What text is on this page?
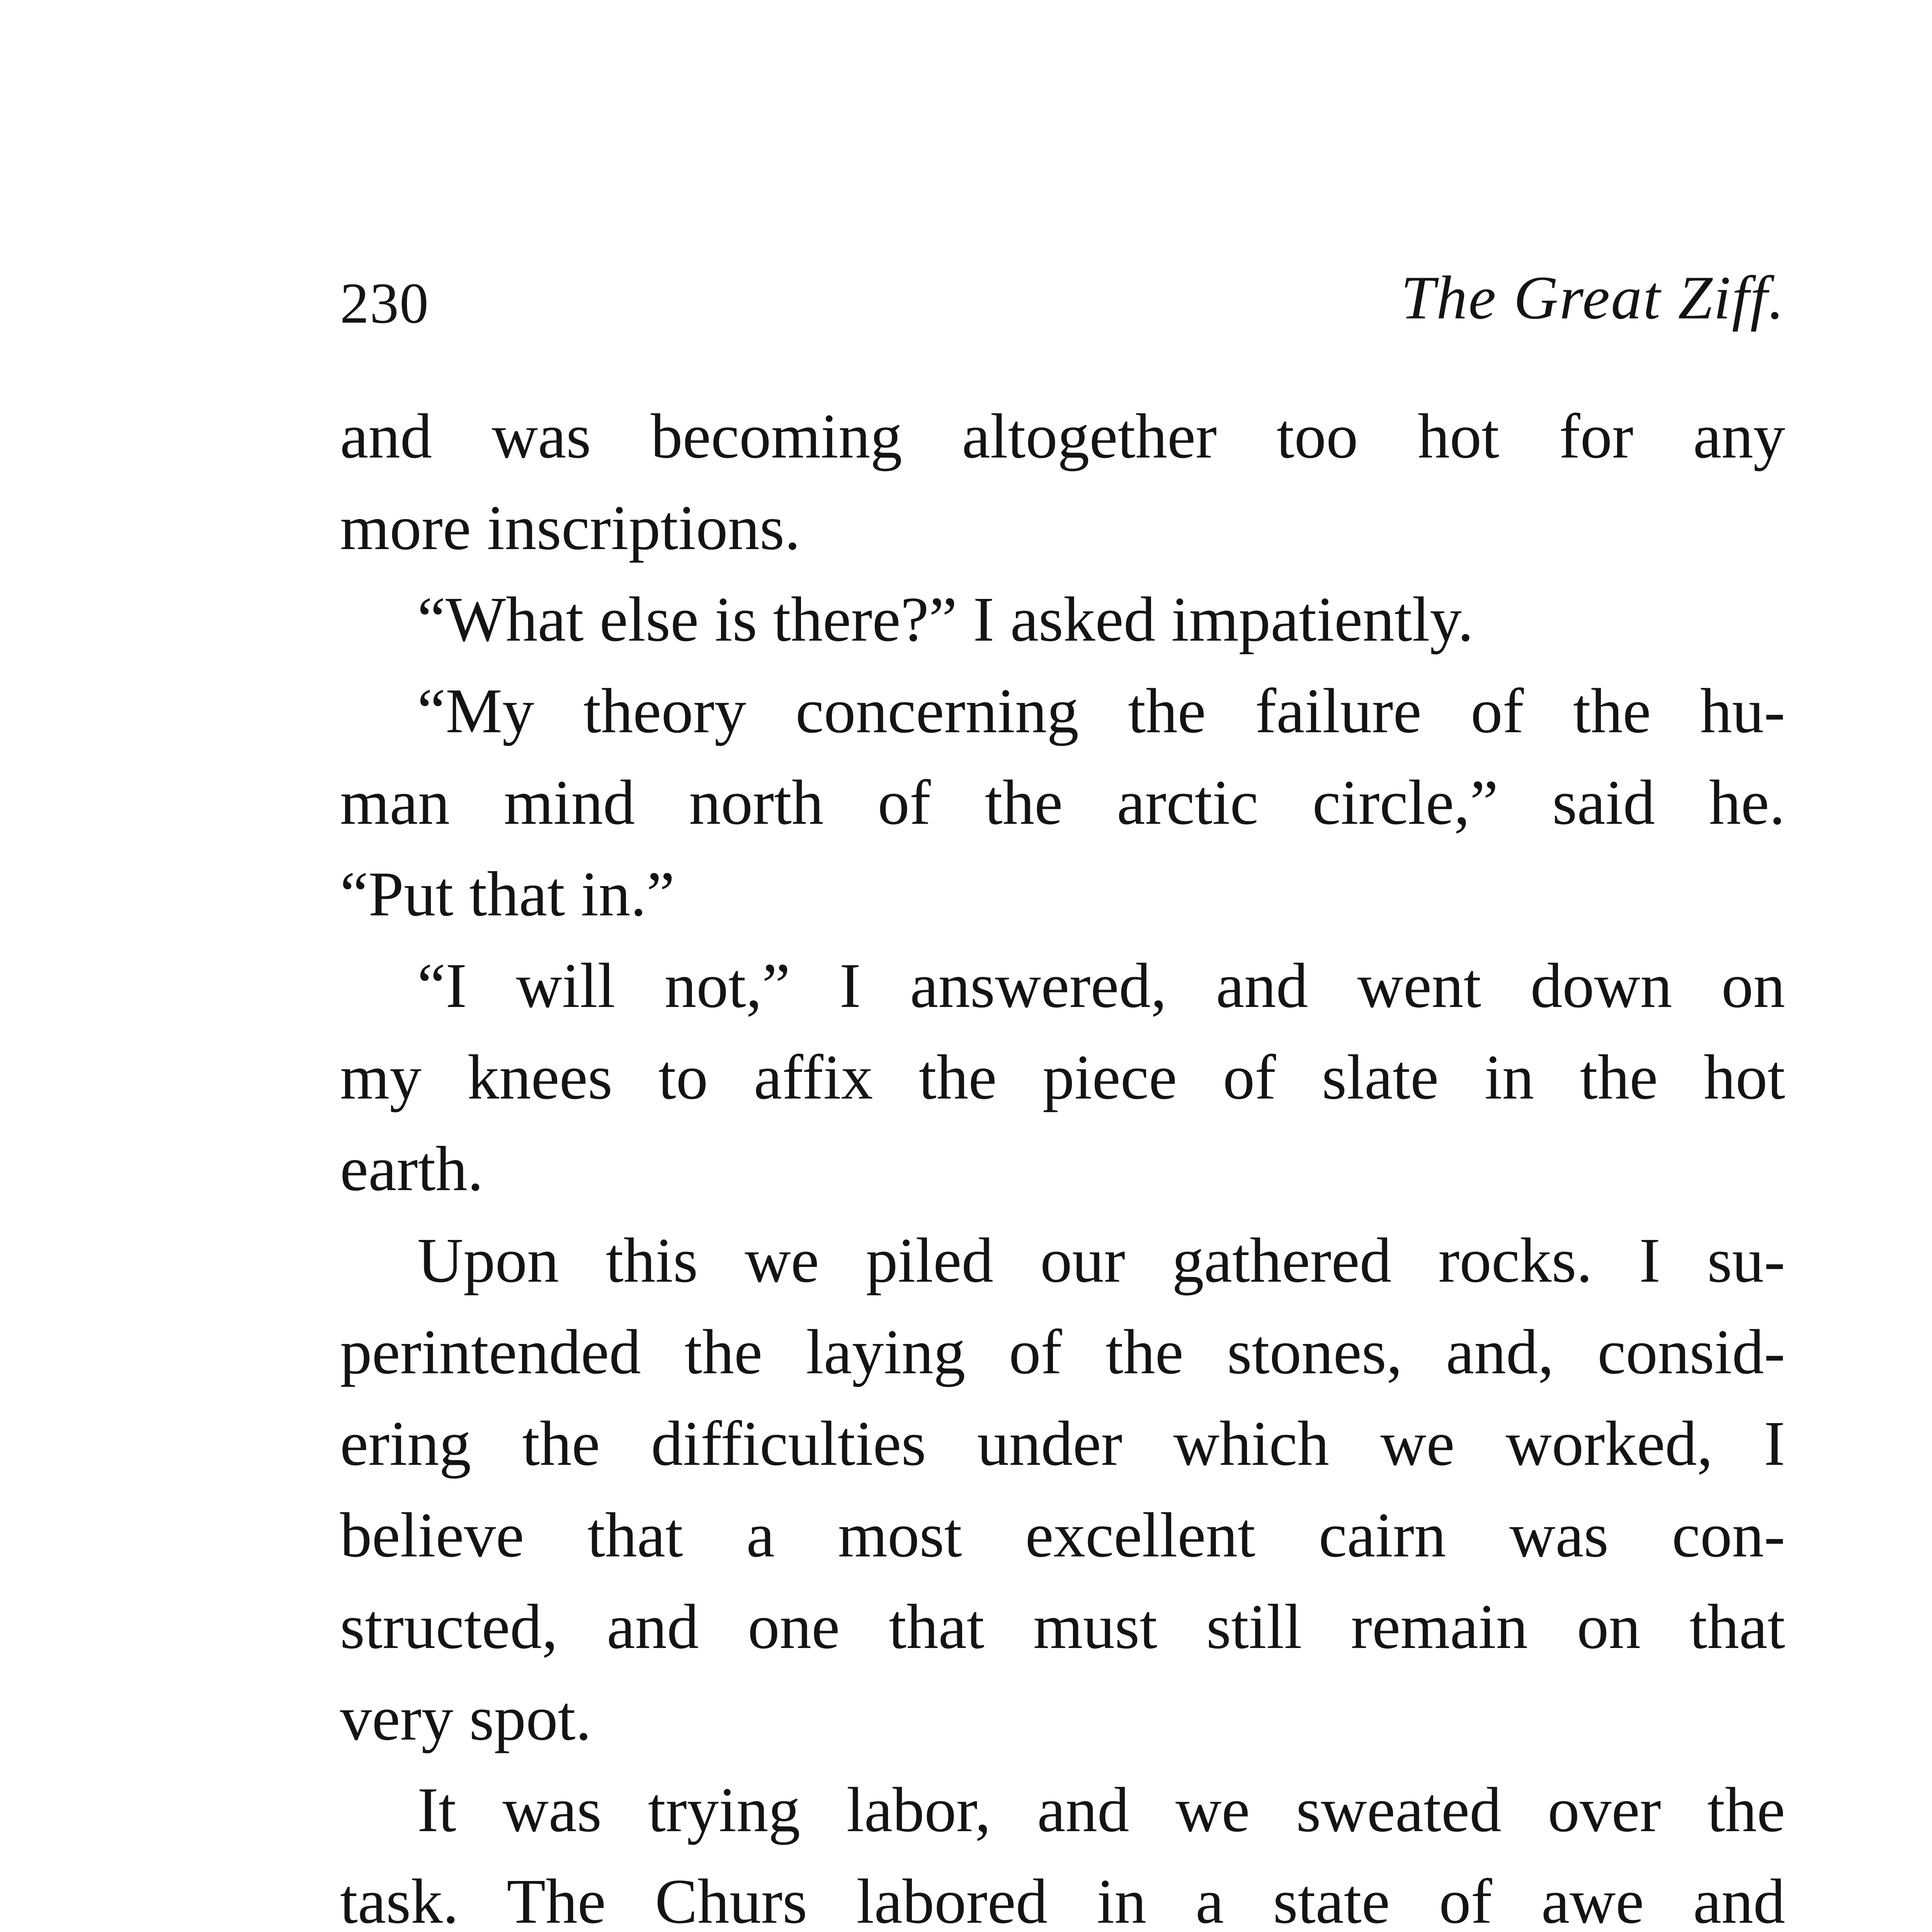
230	The Great Ziff.
and was becoming altogether too hot for any
more inscriptions.
“What else is there?” I asked impatiently.
“My theory concerning the failure of the hu-
man mind north of the arctic circle,” said he.
“Put that in.”
“I will not,” I answered, and went down on
my knees to affix the piece of slate in the hot
earth.
Upon this we piled our gathered rocks. I su-
perintended the laying of the stones, and, consid-
ering the difficulties under which we worked, I
believe that a most excellent cairn was con-
structed, and one that must still remain on that
very spot.
It was trying labor, and we sweated over the
task. The Churs labored in a state of awe and
